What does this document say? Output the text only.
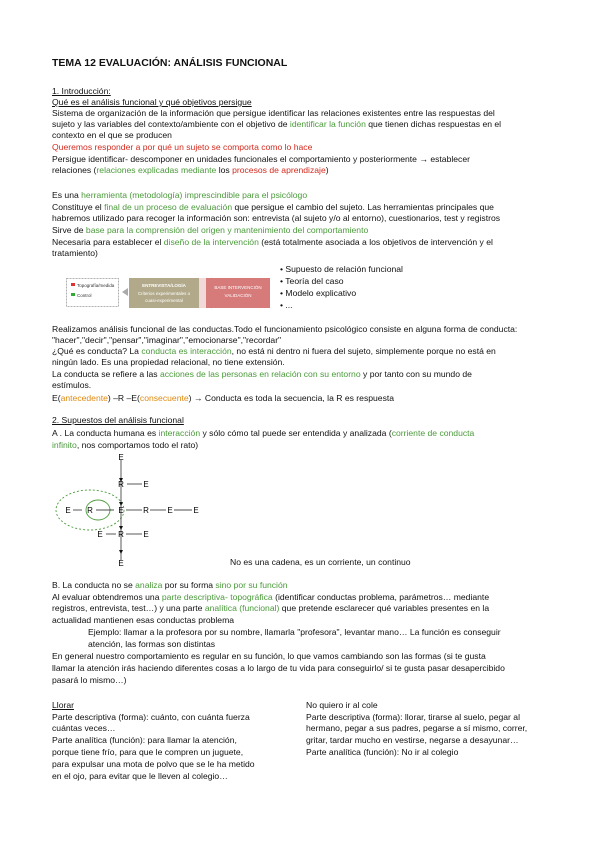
TEMA 12 EVALUACIÓN: ANÁLISIS FUNCIONAL
1. Introducción:
Qué es el análisis funcional y qué objetivos persigue
Sistema de organización de la información que persigue identificar las relaciones existentes entre las respuestas del
sujeto y las variables del contexto/ambiente con el objetivo de identificar la función que tienen dichas respuestas en el
contexto en el que se producen
Queremos responder a por qué un sujeto se comporta como lo hace
Persigue identificar- descomponer en unidades funcionales el comportamiento y posteriormente → establecer
relaciones (relaciones explicadas mediante los procesos de aprendizaje)
Es una herramienta (metodología) imprescindible para el psicólogo
Constituye el final de un proceso de evaluación que persigue el cambio del sujeto. Las herramientas principales que
habremos utilizado para recoger la información son: entrevista (al sujeto y/o al entorno), cuestionarios, test y registros
Sirve de base para la comprensión del origen y mantenimiento del comportamiento
Necesaria para establecer el diseño de la intervención (está totalmente asociada a los objetivos de intervención y el
tratamiento)
Topografía/medida
Control
ENTREVISTA/LOGÍA
Criterios experimentales o
cuasi-experimental
BASE INTERVENCIÓN
VALIDACIÓN
• Supuesto de relación funcional
• Teoría del caso
• Modelo explicativo
• ...
Realizamos análisis funcional de las conductas.Todo el funcionamiento psicológico consiste en alguna forma de conducta:
"hacer","decir","pensar","imaginar","emocionarse","recordar"
¿Qué es conducta? La conducta es interacción, no está ni dentro ni fuera del sujeto, simplemente porque no está en
ningún lado. Es una propiedad relacional, no tiene extensión.
La conducta se refiere a las acciones de las personas en relación con su entorno y por tanto con su mundo de
estímulos.
E(antecedente) –R –E(consecuente) → Conducta es toda la secuencia, la R es respuesta
2. Supuestos del análisis funcional
A . La conducta humana es interacción y sólo cómo tal puede ser entendida y analizada (corriente de conducta
infinito, nos comportamos todo el rato)
E
R E
E R	E R E	E
E R E
E	No es una cadena, es un corriente, un continuo
B. La conducta no se analiza por su forma sino por su función
Al evaluar obtendremos una parte descriptiva- topográfica (identificar conductas problema, parámetros… mediante
registros, entrevista, test…) y una parte analítica (funcional) que pretende esclarecer qué variables presentes en la
actualidad mantienen esas conductas problema
Ejemplo: llamar a la profesora por su nombre, llamarla "profesora", levantar mano… La función es conseguir
atención, las formas son distintas
En general nuestro comportamiento es regular en su función, lo que vamos cambiando son las formas (si te gusta
llamar la atención irás haciendo diferentes cosas a lo largo de tu vida para conseguirlo/ si te gusta pasar desapercibido
pasará lo mismo…)
Llorar
Parte descriptiva (forma): cuánto, con cuánta fuerza
cuántas veces…
Parte analítica (función): para llamar la atención,
porque tiene frío, para que le compren un juguete,
para expulsar una mota de polvo que se le ha metido
en el ojo, para evitar que le lleven al colegio…
No quiero ir al cole
Parte descriptiva (forma): llorar, tirarse al suelo, pegar al
hermano, pegar a sus padres, pegarse a sí mismo, correr,
gritar, tardar mucho en vestirse, negarse a desayunar…
Parte analítica (función): No ir al colegio
